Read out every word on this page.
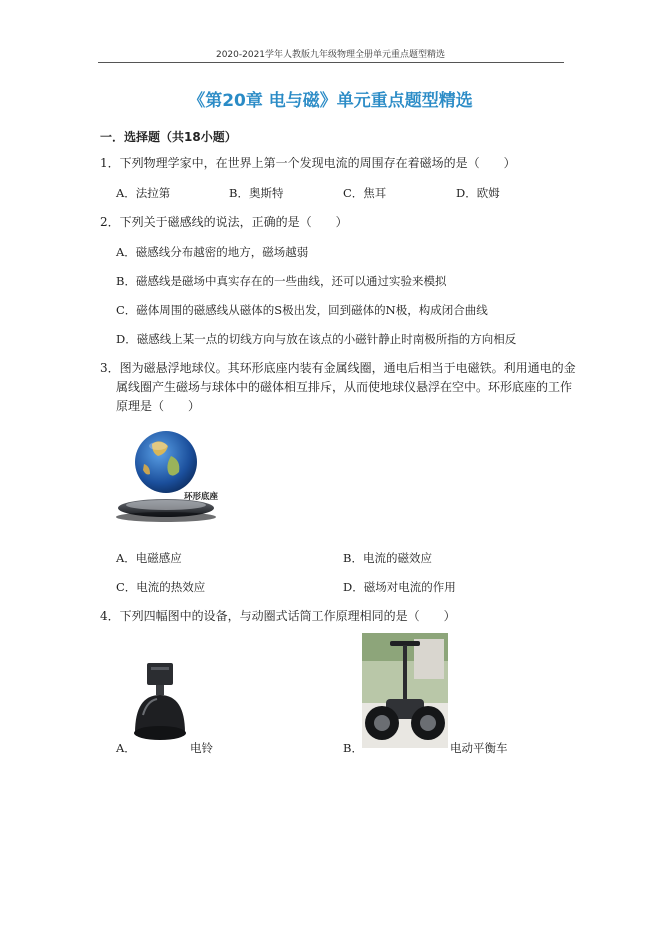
2020-2021学年人教版九年级物理全册单元重点题型精选
《第20章 电与磁》单元重点题型精选
一．选择题（共18小题）
1．下列物理学家中，在世界上第一个发现电流的周围存在着磁场的是（　　）
A．法拉第	B．奥斯特	C．焦耳	D．欧姆
2．下列关于磁感线的说法，正确的是（　　）
A．磁感线分布越密的地方，磁场越弱
B．磁感线是磁场中真实存在的一些曲线，还可以通过实验来模拟
C．磁体周围的磁感线从磁体的S极出发，回到磁体的N极，构成闭合曲线
D．磁感线上某一点的切线方向与放在该点的小磁针静止时南极所指的方向相反
3．图为磁悬浮地球仪。其环形底座内装有金属线圈，通电后相当于电磁铁。利用通电的金
属线圈产生磁场与球体中的磁体相互排斥，从而使地球仪悬浮在空中。环形底座的工作
原理是（　　）
环形底座
A．电磁感应	B．电流的磁效应
C．电流的热效应	D．磁场对电流的作用
4．下列四幅图中的设备，与动圈式话筒工作原理相同的是（　　）
A．	电铃	B．	电动平衡车
